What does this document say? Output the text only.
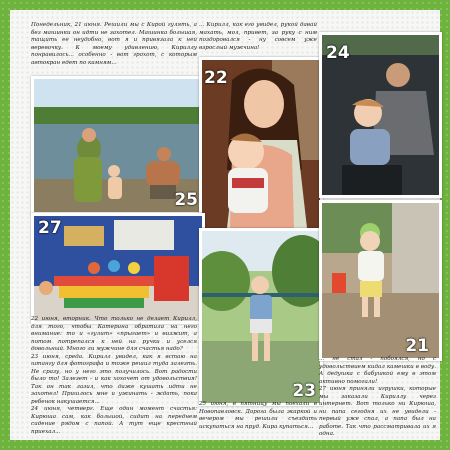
Понедельник, 21 июня. Решили мы с Кирой гулять, а без машинки он идти не захотел. Машинка большая, тащить ее неудобно, вот я и привязала к ней веревочку. К моему удивлению, Кириллу понравилось... особенно - вот грохот, с которым автокран едет по камням...

... Кирилл, как его увидел, рукой давай махать, мол, привет, за руку с ним поздоровался - ну совсем уже взрослый мужчина!

25
22
24
27
23
21

22 июня, вторник. Что только не делает Кирилл, для того, чтобы Катерина обратила на него внимание: то и «гулит» «прыгает» и визжит, а потом потрепался к ней на ручки и уселся довольный. Много ли мужчине для счастья надо?
23 июня, среда. Кирилл увидел, как я встаю на штангу для фотографа и тоже решил туда залезть. Не сразу, но у него это получилось. Вот радости было то! Залезет - и как хохочет от удовольствия! Так он так лазил, что даже кушать идти не захотел! Пришлось мне и ужинать - ждать, пока ребенок накушается...
24 июня, четверг. Еще один момент счастья: Кирюша сам, как большой, сидит на переднем сидение рядом с папой. А тут еще крестный приехал...

25 июня, в пятницу мы поехали в Новопавловск. Дорога была жаркой и вечером мы решили съездить искупаться на пруд. Кира купаться...

... не стал - побоялся, но с удовольствием кидал камешки в воду. А дедушка с бабушкой ему в этом активно помогали!
27 июня приняли игрушки, которые мы заказали Кириллу через интернет. Вот только ни Кирюша, ни папа сегодня их не увидели - первый уже спал, а папа был на работе. Так что рассматривала их я одна.
